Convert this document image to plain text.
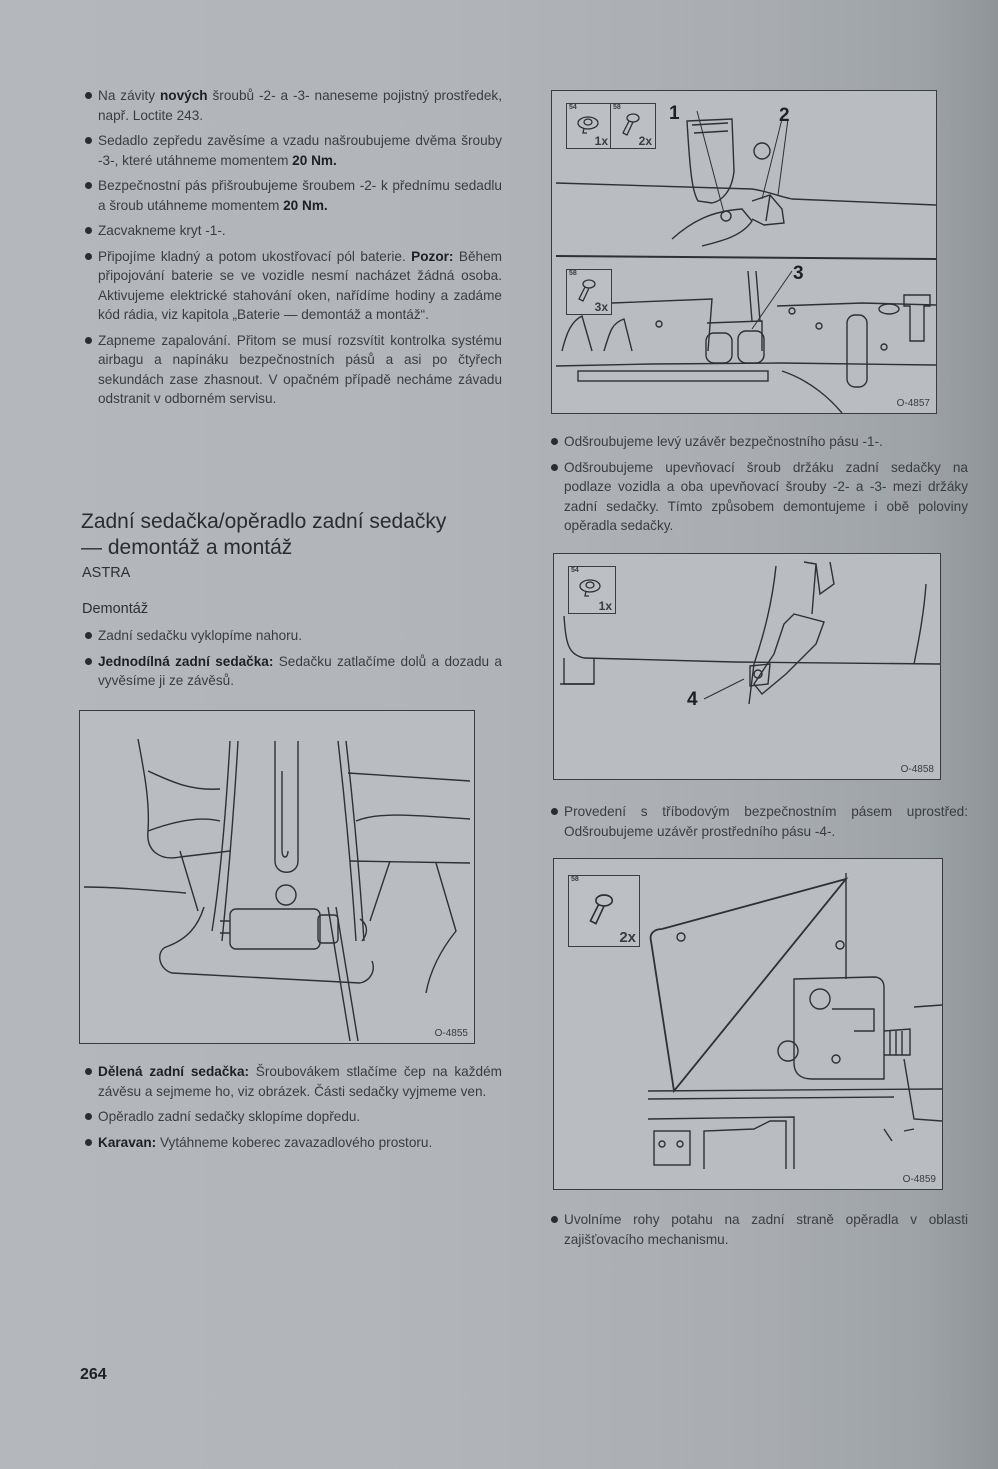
Na závity nových šroubů -2- a -3- naneseme pojistný prostředek, např. Loctite 243.
Sedadlo zepředu zavěsíme a vzadu našroubujeme dvěma šrouby -3-, které utáhneme momentem 20 Nm.
Bezpečnostní pás přišroubujeme šroubem -2- k přednímu sedadlu a šroub utáhneme momentem 20 Nm.
Zacvakneme kryt -1-.
Připojíme kladný a potom ukostřovací pól baterie. Pozor: Během připojování baterie se ve vozidle nesmí nacházet žádná osoba. Aktivujeme elektrické stahování oken, nařídíme hodiny a zadáme kód rádia, viz kapitola „Baterie — demontáž a montáž“.
Zapneme zapalování. Přitom se musí rozsvítit kontrolka systému airbagu a napínáku bezpečnostních pásů a asi po čtyřech sekundách zase zhasnout. V opačném případě necháme závadu odstranit v odborném servisu.
Zadní sedačka/opěradlo zadní sedačky
— demontáž a montáž
ASTRA
Demontáž
Zadní sedačku vyklopíme nahoru.
Jednodílná zadní sedačka: Sedačku zatlačíme dolů a dozadu a vyvěsíme ji ze závěsů.
O-4855
Dělená zadní sedačka: Šroubovákem stlačíme čep na každém závěsu a sejmeme ho, viz obrázek. Části sedačky vyjmeme ven.
Opěradlo zadní sedačky sklopíme dopředu.
Karavan: Vytáhneme koberec zavazadlového prostoru.
54
1x
58
2x
1	2
58
3x
3
O-4857
Odšroubujeme levý uzávěr bezpečnostního pásu -1-.
Odšroubujeme upevňovací šroub držáku zadní sedačky na podlaze vozidla a oba upevňovací šrouby -2- a -3- mezi držáky zadní sedačky. Tímto způsobem demontujeme i obě poloviny opěradla sedačky.
54
1x
4
O-4858
Provedení s tříbodovým bezpečnostním pásem uprostřed: Odšroubujeme uzávěr prostředního pásu -4-.
58
2x
O-4859
Uvolníme rohy potahu na zadní straně opěradla v oblasti zajišťovacího mechanismu.
264
